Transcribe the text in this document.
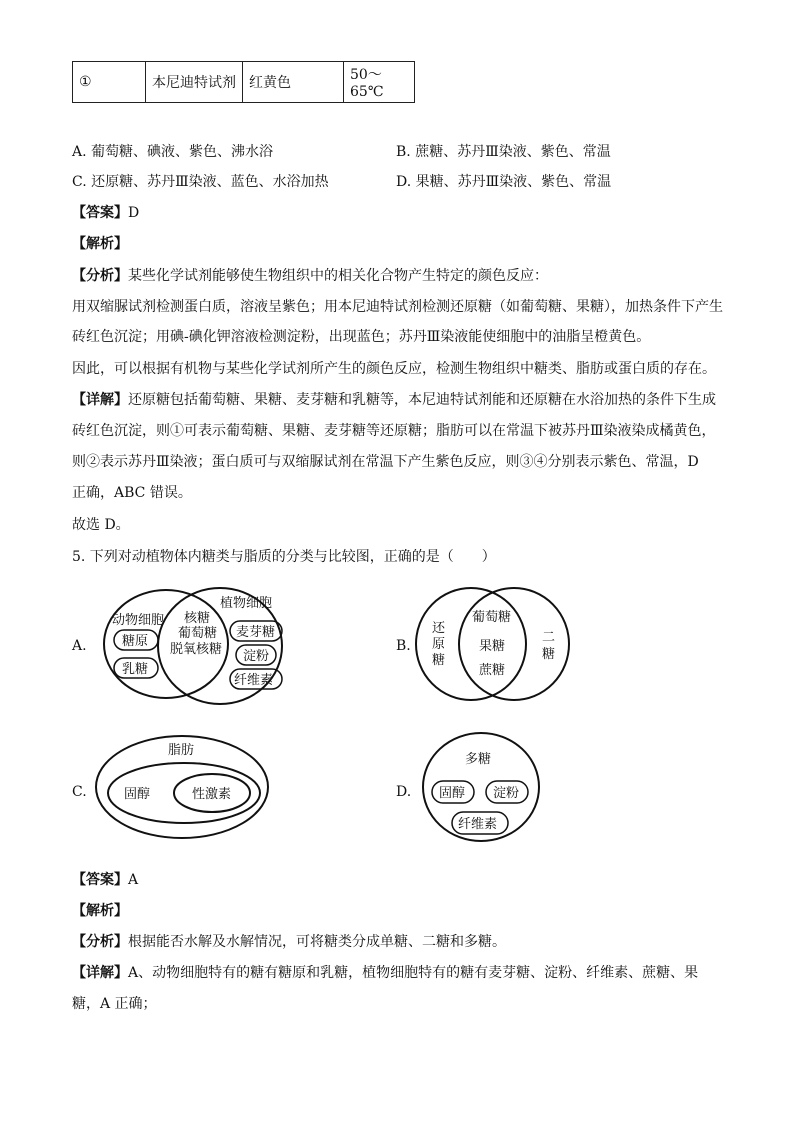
①	本尼迪特试剂	红黄色	50～65℃
A. 葡萄糖、碘液、紫色、沸水浴	B. 蔗糖、苏丹Ⅲ染液、紫色、常温
C. 还原糖、苏丹Ⅲ染液、蓝色、水浴加热	D. 果糖、苏丹Ⅲ染液、紫色、常温
【答案】D
【解析】
【分析】某些化学试剂能够使生物组织中的相关化合物产生特定的颜色反应：
用双缩脲试剂检测蛋白质，溶液呈紫色；用本尼迪特试剂检测还原糖（如葡萄糖、果糖），加热条件下产生
砖红色沉淀；用碘-碘化钾溶液检测淀粉，出现蓝色；苏丹Ⅲ染液能使细胞中的油脂呈橙黄色。
因此，可以根据有机物与某些化学试剂所产生的颜色反应，检测生物组织中糖类、脂肪或蛋白质的存在。
【详解】还原糖包括葡萄糖、果糖、麦芽糖和乳糖等，本尼迪特试剂能和还原糖在水浴加热的条件下生成
砖红色沉淀，则①可表示葡萄糖、果糖、麦芽糖等还原糖；脂肪可以在常温下被苏丹Ⅲ染液染成橘黄色，
则②表示苏丹Ⅲ染液；蛋白质可与双缩脲试剂在常温下产生紫色反应，则③④分别表示紫色、常温，D
正确，ABC 错误。
故选 D。
5. 下列对动植物体内糖类与脂质的分类与比较图，正确的是（　　）
A.
动物细胞
糖原
乳糖
核糖
葡萄糖
脱氧核糖
植物细胞
麦芽糖
淀粉
纤维素
B.
还
原
糖
葡萄糖
果糖
蔗糖
二
糖
C.
脂肪
固醇	性激素	D.
多糖
固醇 淀粉
纤维素
【答案】A
【解析】
【分析】根据能否水解及水解情况，可将糖类分成单糖、二糖和多糖。
【详解】A、动物细胞特有的糖有糖原和乳糖，植物细胞特有的糖有麦芽糖、淀粉、纤维素、蔗糖、果
糖，A 正确；
